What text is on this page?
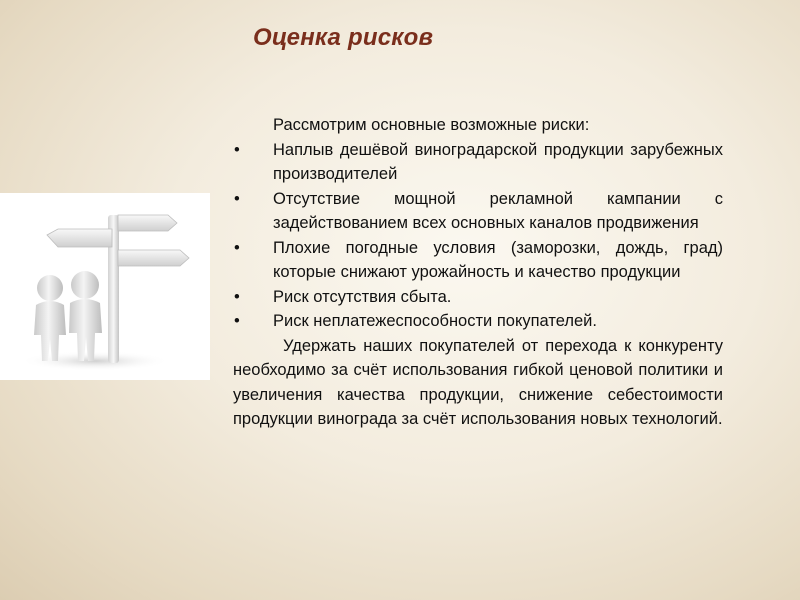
Оценка рисков

Рассмотрим основные возможные риски:

•	Наплыв дешёвой виноградарской продукции зарубежных производителей
•	Отсутствие мощной рекламной кампании с задействованием всех основных каналов продвижения
•	Плохие погодные условия (заморозки, дождь, град) которые снижают урожайность и качество продукции
•	Риск отсутствия сбыта.
•	Риск неплатежеспособности покупателей.

Удержать наших покупателей от перехода к конкуренту необходимо за счёт использования гибкой ценовой политики и увеличения качества продукции, снижение себестоимости продукции винограда за счёт использования новых технологий.
